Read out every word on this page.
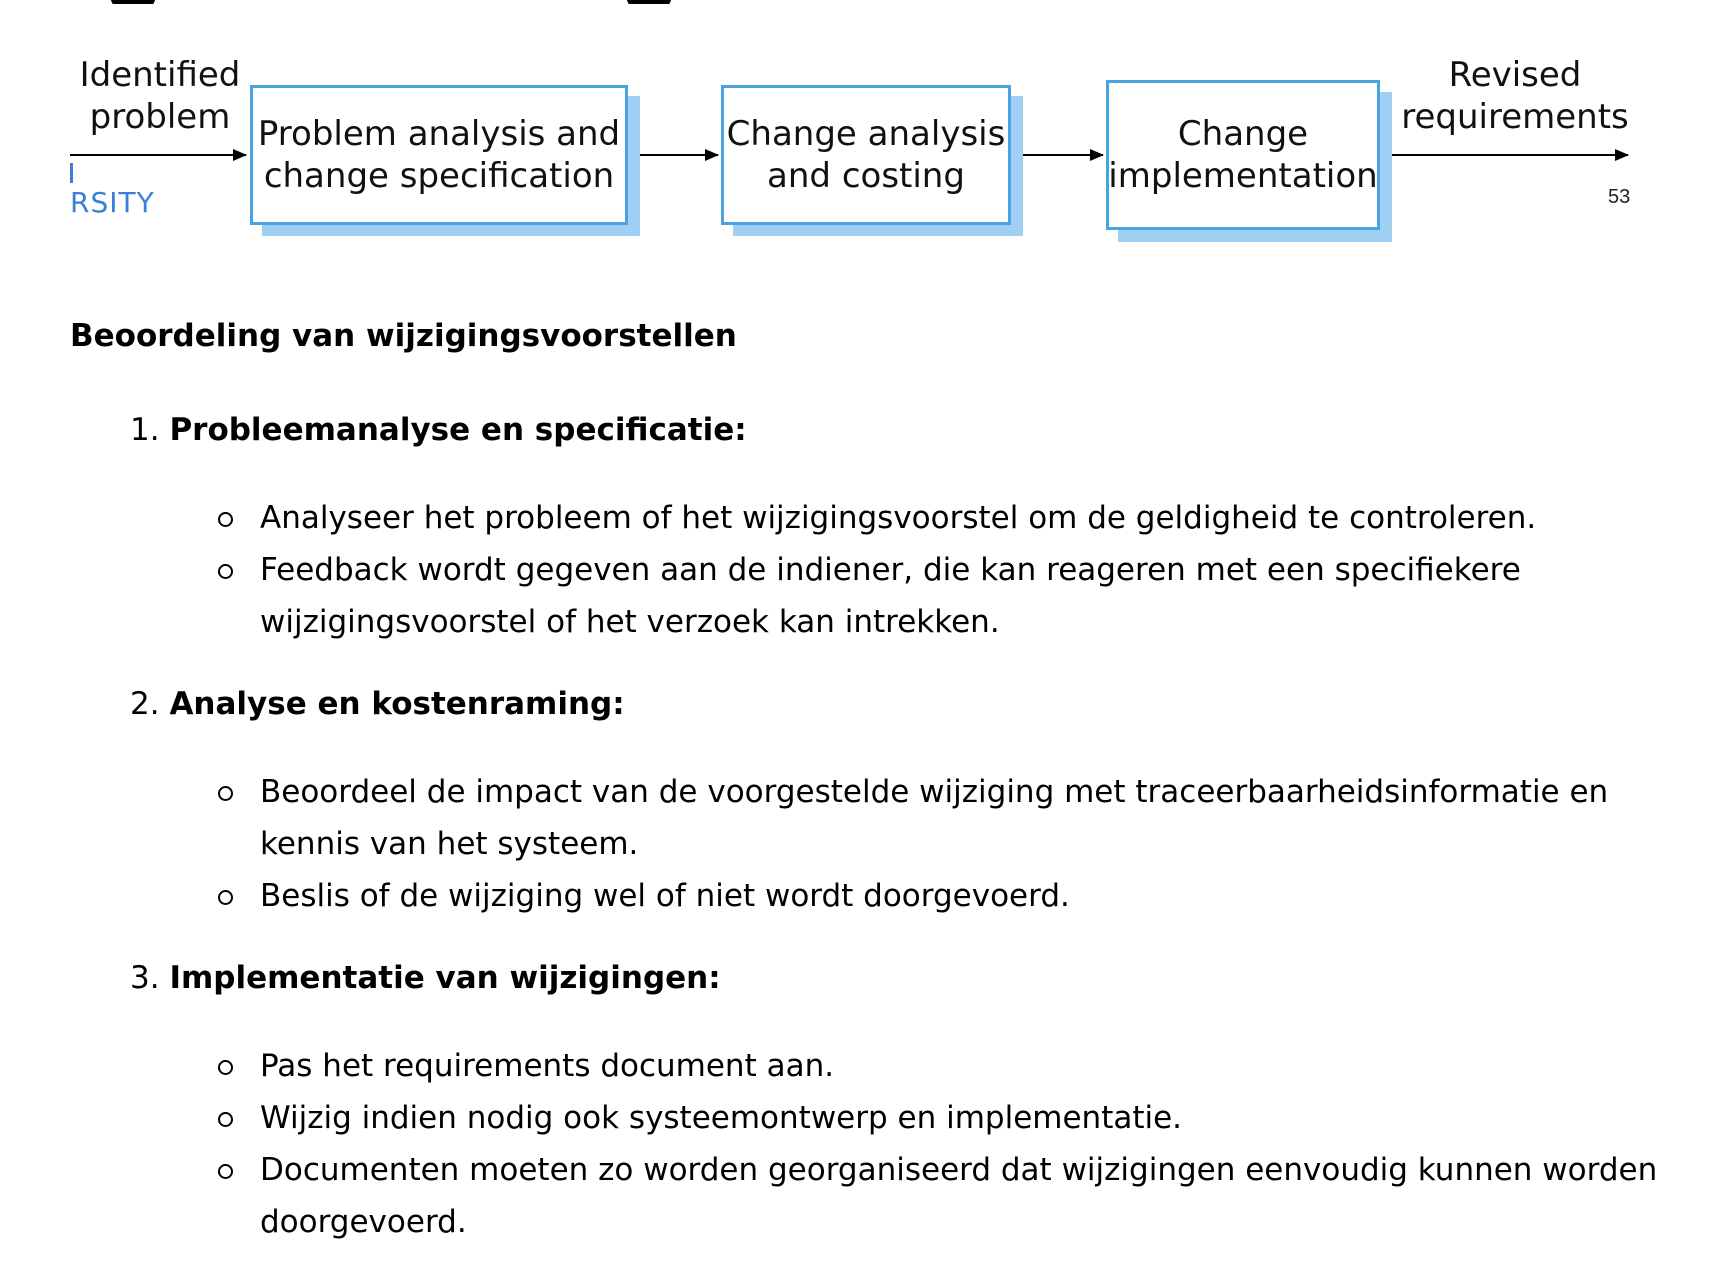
Identified
problem
Revised
requirements
Problem analysis and
change specification
Change analysis
and costing
Change
implementation
RSITY	53
Beoordeling van wijzigingsvoorstellen

1. Probleemanalyse en specificatie:

Analyseer het probleem of het wijzigingsvoorstel om de geldigheid te controleren.
Feedback wordt gegeven aan de indiener, die kan reageren met een specifiekere wijzigingsvoorstel of het verzoek kan intrekken.

2. Analyse en kostenraming:

Beoordeel de impact van de voorgestelde wijziging met traceerbaarheidsinformatie en kennis van het systeem.
Beslis of de wijziging wel of niet wordt doorgevoerd.

3. Implementatie van wijzigingen:

Pas het requirements document aan.
Wijzig indien nodig ook systeemontwerp en implementatie.
Documenten moeten zo worden georganiseerd dat wijzigingen eenvoudig kunnen worden doorgevoerd.
